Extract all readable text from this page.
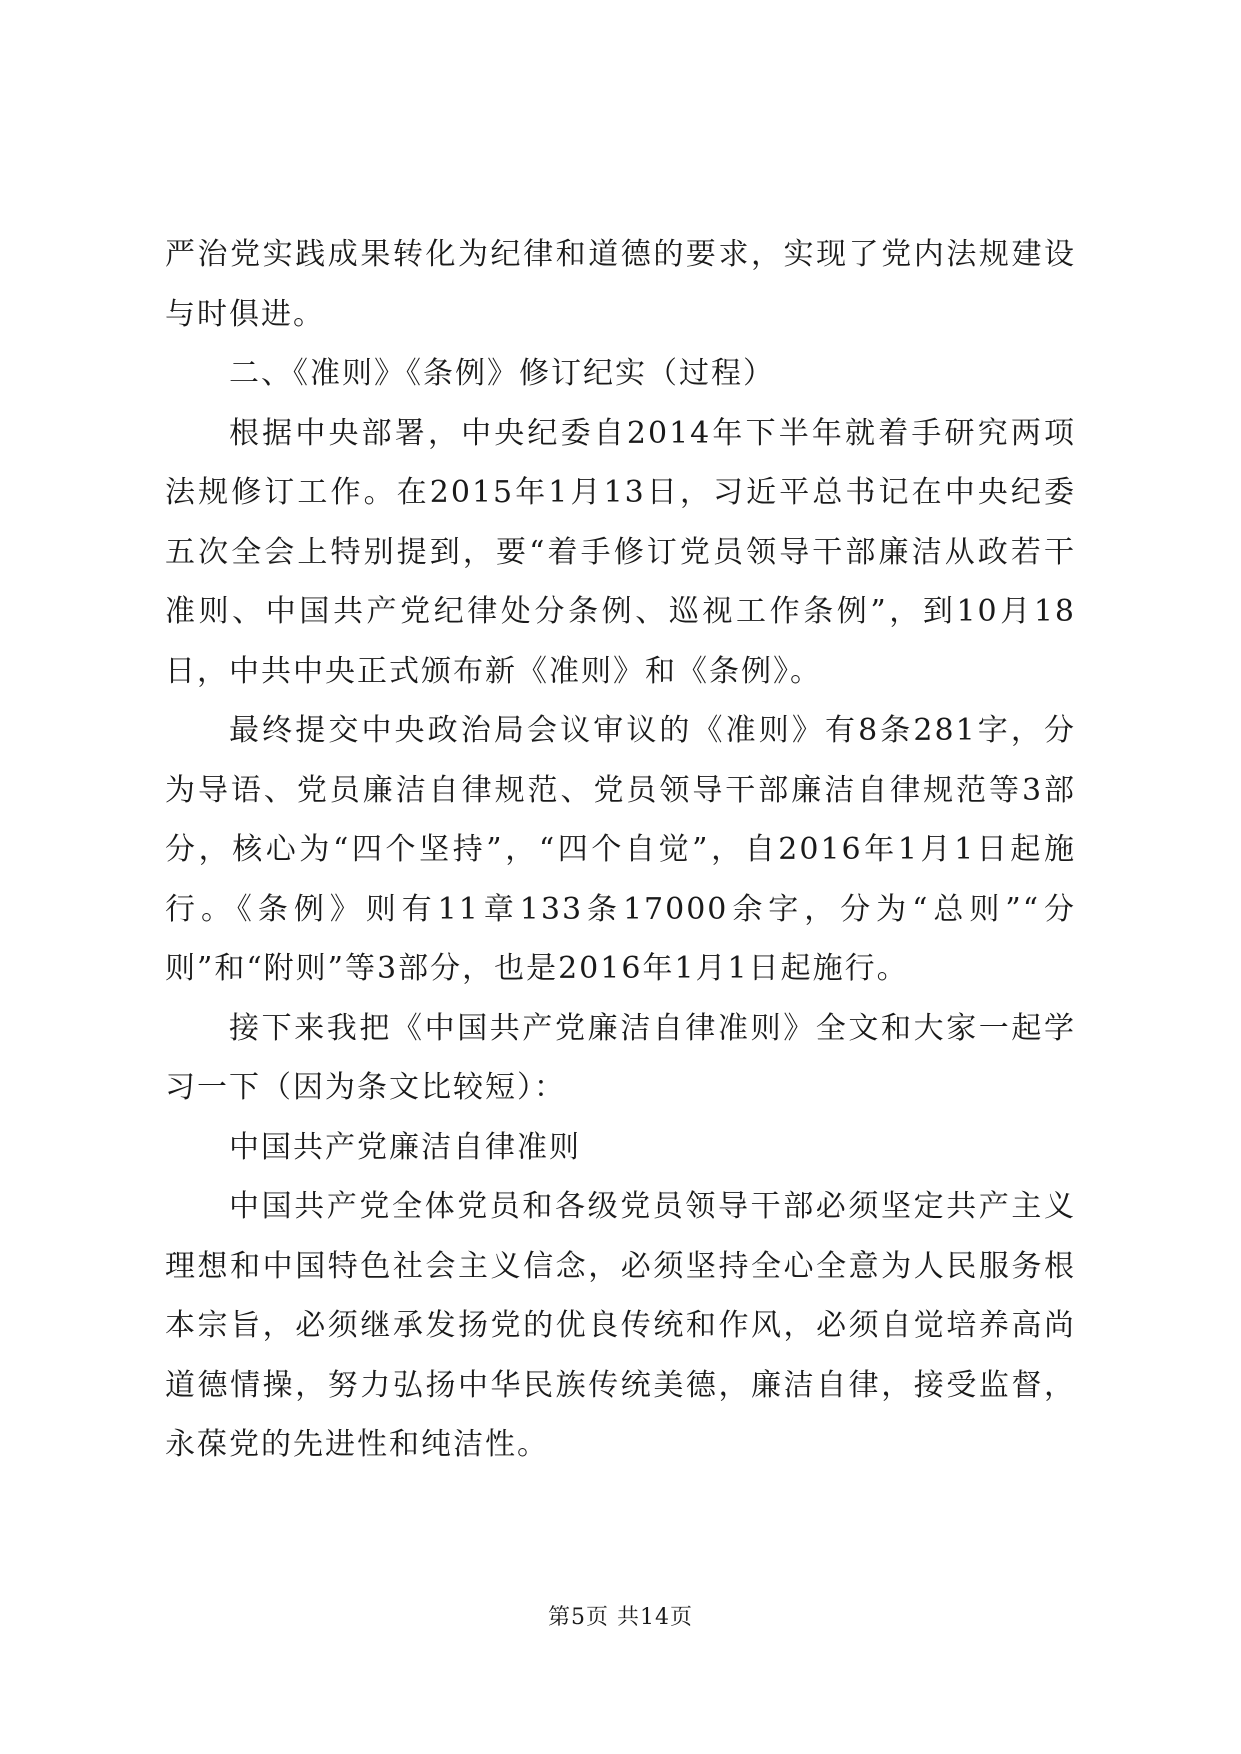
严治党实践成果转化为纪律和道德的要求，实现了党内法规建设与时俱进。

二、《准则》《条例》修订纪实（过程）

根据中央部署，中央纪委自2014年下半年就着手研究两项法规修订工作。在2015年1月13日，习近平总书记在中央纪委五次全会上特别提到，要“着手修订党员领导干部廉洁从政若干准则、中国共产党纪律处分条例、巡视工作条例”，到10月18日，中共中央正式颁布新《准则》和《条例》。

最终提交中央政治局会议审议的《准则》有8条281字，分为导语、党员廉洁自律规范、党员领导干部廉洁自律规范等3部分，核心为“四个坚持”，“四个自觉”，自2016年1月1日起施行。《条例》则有11章133条17000余字，分为“总则”“分则”和“附则”等3部分，也是2016年1月1日起施行。

接下来我把《中国共产党廉洁自律准则》全文和大家一起学习一下（因为条文比较短）：

中国共产党廉洁自律准则

中国共产党全体党员和各级党员领导干部必须坚定共产主义理想和中国特色社会主义信念，必须坚持全心全意为人民服务根本宗旨，必须继承发扬党的优良传统和作风，必须自觉培养高尚道德情操，努力弘扬中华民族传统美德，廉洁自律，接受监督，永葆党的先进性和纯洁性。

第5页 共14页
